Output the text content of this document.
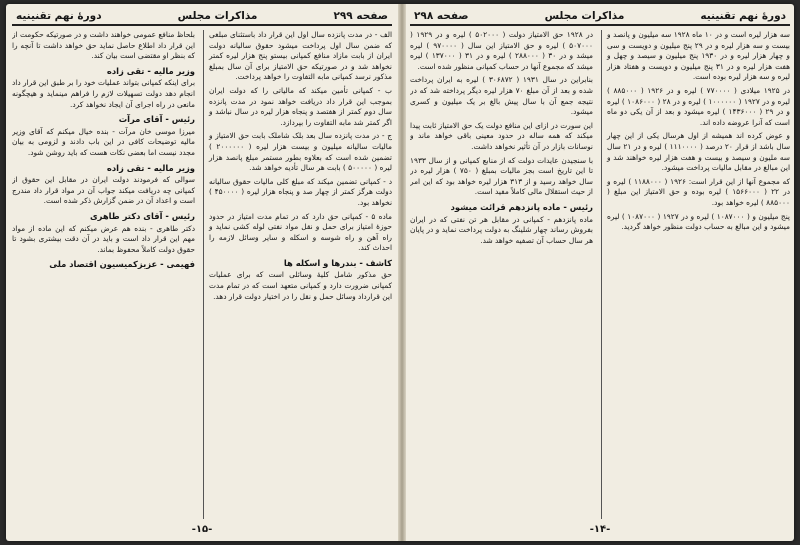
صفحه ۲۹۹
مذاکرات مجلس
دورهٔ نهم تقنینیه

الف - در مدت پانزده سال اول این قرار داد باستثنای مبلغی که ضمن سال اول پرداخت میشود حقوق سالیانه دولت ایران از بابت مازاد منافع کمپانی بیستو پنج هزار لیره کمتر نخواهد شد و در صورتیکه حق الامتیاز برای آن سال بمبلغ مذکور نرسد کمپانی مابه التفاوت را خواهد پرداخت.

ب - کمپانی تأمین میکند که مالیاتی را که دولت ایران بموجب این قرار داد دریافت خواهد نمود در مدت پانزده سال دوم کمتر از هفتصد و پنجاه هزار لیره در سال نباشد و اگر کمتر شد مابه التفاوت را بپردازد.

ج - در مدت پانزده سال بعد بلک شاملک بابت حق الامتیاز و مالیات سالیانه میلیون و بیست هزار لیره ( ۲۰۰۰۰۰۰ ) تضمین شده است که بعلاوه بطور مستمر مبلغ پانصد هزار لیره ( ۵۰۰۰۰۰ ) بابت هر سال تأدیه خواهد شد.

د - کمپانی تضمین میکند که مبلغ کلی مالیات حقوق سالیانه دولت هرگز کمتر از چهار صد و پنجاه هزار لیره ( ۴۵۰۰۰۰ ) نخواهد بود.

ماده ۵ - کمپانی حق دارد که در تمام مدت امتیاز در حدود حوزهٔ امتیاز برای حمل و نقل مواد نفتی لوله کشی نماید و راه آهن و راه شوسه و اسکله و سایر وسائل لازمه را احداث کند.

کاشف - بندرها و اسکله ها

حق مذکور شامل کلیهٔ وسائلی است که برای عملیات کمپانی ضرورت دارد و کمپانی متعهد است که در تمام مدت این قرارداد وسائل حمل و نقل را در اختیار دولت قرار دهد.

بلحاظ منافع عمومی خواهند داشت و در صورتیکه حکومت از این قرار داد اطلاع حاصل نماید حق خواهد داشت تا آنچه را که بنظر او مقتضی است بیان کند.

وزیر مالیه - تقی زاده

برای اینکه کمپانی بتواند عملیات خود را بر طبق این قرار داد انجام دهد دولت تسهیلات لازم را فراهم مینماید و هیچگونه مانعی در راه اجرای آن ایجاد نخواهد کرد.

رئیس - آقای مرآت

میرزا موسی خان مرآت - بنده خیال میکنم که آقای وزیر مالیه توضیحات کافی در این باب دادند و لزومی به بیان مجدد نیست اما بعضی نکات هست که باید روشن شود.

وزیر مالیه - تقی زاده

سوالی که فرمودند دولت ایران در مقابل این حقوق از کمپانی چه دریافت میکند جواب آن در مواد قرار داد مندرج است و اعداد آن در ضمن گزارش ذکر شده است.

رئیس - آقای دکتر طاهری

دکتر طاهری - بنده هم عرض میکنم که این ماده از مواد مهم این قرار داد است و باید در آن دقت بیشتری بشود تا حقوق دولت کاملاً محفوظ بماند.

فهیمی - عزیزکمیسیون اقتصاد ملی
-۱۵-
دورهٔ نهم تقنینیه
مذاکرات مجلس
صفحه ۲۹۸

سه هزار لیره است و در ۱۰ ماه ۱۹۲۸ سه میلیون و پانصد و بیست و سه هزار لیره و در ۲۹ پنج میلیون و دویست و سی و چهار هزار لیره و در ۱۹۳۰ پنج میلیون و سیصد و چهل و هفت هزار لیره و در ۳۱ پنج میلیون و دویست و هفتاد هزار لیره و سه هزار لیره بوده است.

در ۱۹۲۵ میلادی ( ۷۷۰۰۰۰ ) لیره و در ۱۹۲۶ ( ۸۸۵۰۰۰ ) لیره و در ۱۹۲۷ ( ۱۰۰۰۰۰۰ ) لیره و در ۲۸ ( ۱۰۸۶۰۰۰ ) لیره و در ۲۹ ( ۱۴۳۶۰۰۰ ) لیره میشود و بعد از آن یکی دو ماه است که آنرا عروضه داده اند.

و عوض کرده اند همیشه از اول هرسال یکی از این چهار سال باشد از قرار ۲۰ درصد ( ۱۱۱۰۰۰۰ ) لیره و در ۲۱ سال سه ملیون و سیصد و بیست و هفت هزار لیره خواهند شد و این مبالغ در مقابل مالیات پرداخت میشود.

که مجموع آنها از این قرار است: ۱۹۲۶ ( ۱۱۸۸۰۰۰ ) لیره و در ۲۲ ( ۱۵۶۶۰۰۰ ) لیره بوده و حق الامتیاز این مبلغ ( ۸۸۵۰۰۰ ) لیره خواهد بود.

پنج میلیون و ( ۱۰۸۷۰۰۰ ) لیره و در ۱۹۲۷ ( ۱۰۸۷۰۰۰ ) لیره میشود و این مبالغ به حساب دولت منظور خواهد گردید.

در ۱۹۲۸ حق الامتیاز دولت ( ۵۰۲۰۰۰ ) لیره و در ۱۹۲۹ ( ۵۰۷۰۰۰ ) لیره و حق الامتیاز این سال ( ۹۷۰۰۰۰ ) لیره میشد و در ۳۰ ( ۲۸۸۰۰۰ ) لیره و در ۳۱ ( ۱۳۷۰۰۰ ) لیره میشد که مجموع آنها در حساب کمپانی منظور شده است.

بنابراین در سال ۱۹۳۱ ( ۳۰۶۸۷۲ ) لیره به ایران پرداخت شده و بعد از آن مبلغ ۷۰ هزار لیره دیگر پرداخته شد که در نتیجه جمع آن با سال پیش بالغ بر یک میلیون و کسری میشود.

این سورت در ازای این منافع دولت یک حق الامتیاز ثابت پیدا میکند که همه ساله در حدود معینی باقی خواهد ماند و نوسانات بازار در آن تأثیر نخواهد داشت.

با سنجیدن عایدات دولت که از منابع کمپانی و از سال ۱۹۳۳ تا این تاریخ است بجز مالیات بمبلغ ( ۷۵۰ ) هزار لیره در سال خواهد رسید و از ۳۱۳ هزار لیره خواهد بود که این امر از حیث استقلال مالی کاملاً مفید است.

رئیس - ماده پانزدهم قرائت میشود

ماده پانزدهم - کمپانی در مقابل هر تن نفتی که در ایران بفروش رساند چهار شلینگ به دولت پرداخت نماید و در پایان هر سال حساب آن تصفیه خواهد شد.

-۱۴-
